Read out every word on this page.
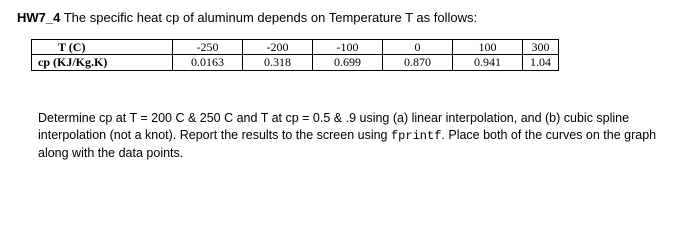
HW7_4 The specific heat cp of aluminum depends on Temperature T as follows:
T (C)	-250	-200	-100	0	100	300
cp (KJ/Kg.K)	0.0163	0.318	0.699	0.870	0.941	1.04
Determine cp at T = 200 C & 250 C and T at cp = 0.5 & .9 using (a) linear interpolation, and (b) cubic spline interpolation (not a knot). Report the results to the screen using fprintf. Place both of the curves on the graph along with the data points.
